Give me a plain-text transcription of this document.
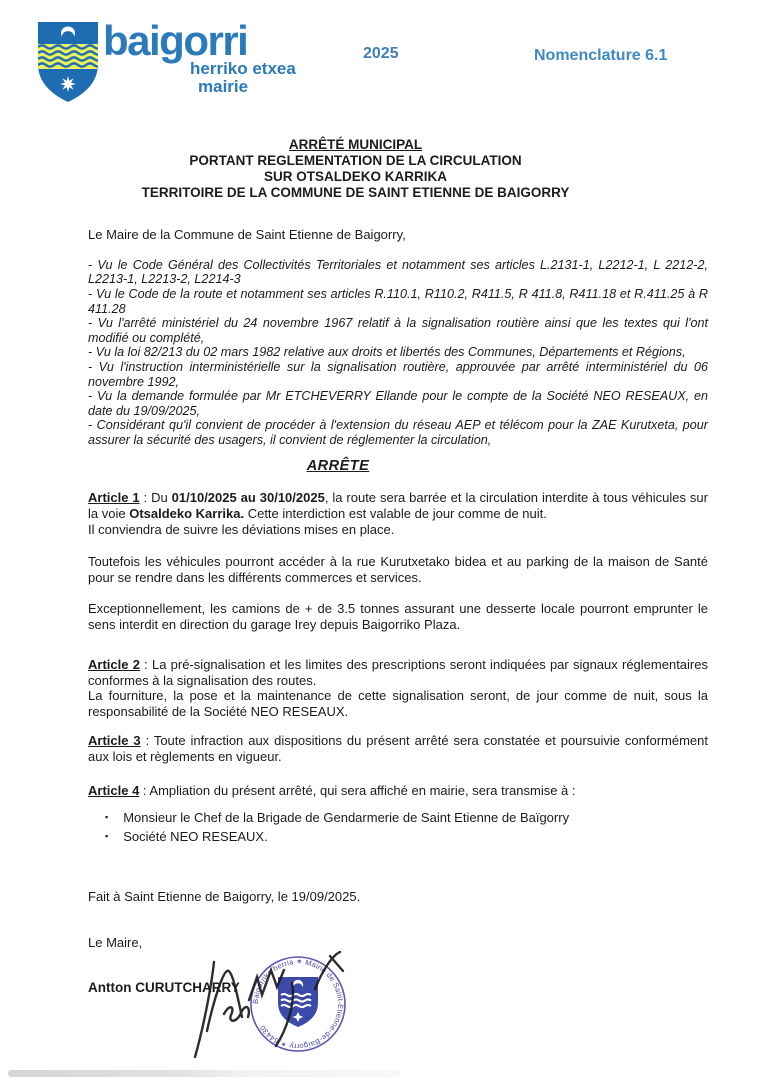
baigorri
herriko etxea
mairie
2025	Nomenclature 6.1
ARRÊTÉ MUNICIPAL
PORTANT REGLEMENTATION DE LA CIRCULATION
SUR OTSALDEKO KARRIKA
TERRITOIRE DE LA COMMUNE DE SAINT ETIENNE DE BAIGORRY

Le Maire de la Commune de Saint Etienne de Baigorry,

- Vu le Code Général des Collectivités Territoriales et notamment ses articles L.2131-1, L2212-1, L 2212-2, L2213-1, L2213-2, L2214-3
- Vu le Code de la route et notamment ses articles R.110.1, R110.2, R411.5, R 411.8, R411.18 et R.411.25 à R 411.28
- Vu l'arrêté ministériel du 24 novembre 1967 relatif à la signalisation routière ainsi que les textes qui l'ont modifié ou complété,
- Vu la loi 82/213 du 02 mars 1982 relative aux droits et libertés des Communes, Départements et Régions,
- Vu l'instruction interministérielle sur la signalisation routière, approuvée par arrêté interministériel du 06 novembre 1992,
- Vu la demande formulée par Mr ETCHEVERRY Ellande pour le compte de la Société NEO RESEAUX, en date du 19/09/2025,
- Considérant qu'il convient de procéder à l'extension du réseau AEP et télécom pour la ZAE Kurutxeta, pour assurer la sécurité des usagers, il convient de réglementer la circulation,
ARRÊTE

Article 1 : Du 01/10/2025 au 30/10/2025, la route sera barrée et la circulation interdite à tous véhicules sur la voie Otsaldeko Karrika. Cette interdiction est valable de jour comme de nuit.

Il conviendra de suivre les déviations mises en place.

Toutefois les véhicules pourront accéder à la rue Kurutxetako bidea et au parking de la maison de Santé pour se rendre dans les différents commerces et services.

Exceptionnellement, les camions de + de 3.5 tonnes assurant une desserte locale pourront emprunter le sens interdit en direction du garage Irey depuis Baigorriko Plaza.

Article 2 : La pré-signalisation et les limites des prescriptions seront indiquées par signaux réglementaires conformes à la signalisation des routes.

La fourniture, la pose et la maintenance de cette signalisation seront, de jour comme de nuit, sous la responsabilité de la Société NEO RESEAUX.

Article 3 : Toute infraction aux dispositions du présent arrêté sera constatée et poursuivie conformément aux lois et règlements en vigueur.

Article 4 : Ampliation du présent arrêté, qui sera affiché en mairie, sera transmise à :

▪ Monsieur le Chef de la Brigade de Gendarmerie de Saint Etienne de Baïgorry
▪ Société NEO RESEAUX.

Fait à Saint Etienne de Baigorry, le 19/09/2025.

Le Maire,

Antton CURUTCHARRY

Baigorriko herria ✶ Mairie de Saint-Étienne-de-Baïgorry ✶ 64430
